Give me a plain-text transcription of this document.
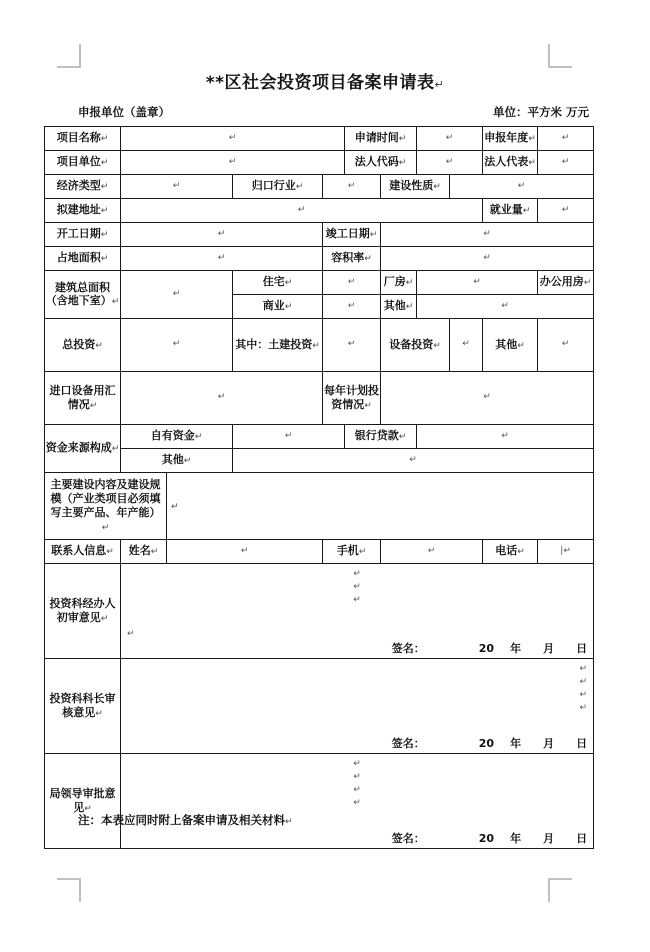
**区社会投资项目备案申请表↵
申报单位（盖章）	单位：平方米 万元
项目名称↵	↵				申请时间↵		↵		申报年度↵	↵

项目单位↵	↵				法人代码↵		↵		法人代表↵	↵

经济类型↵	↵		归口行业↵	↵		建设性质↵		↵		

拟建地址↵	↵								就业量↵	↵

开工日期↵	↵			竣工日期↵		↵				

占地面积↵	↵			容积率↵		↵				

建筑总面积（含地下室）↵	↵		住宅↵	↵		厂房↵	↵			办公用房↵
			商业↵	↵		其他↵	↵			

总投资↵	↵		其中：土建投资↵	↵		设备投资↵		↵	其他↵	↵

进口设备用汇情况↵	↵			每年计划投资情况↵		↵				

资金来源构成↵	自有资金↵		↵		银行贷款↵		↵			

	其他↵		↵							

主要建设内容及建设规模（产业类项目必须填写主要产品、年产能）↵		↵								
联系人信息↵	姓名↵	↵		手机↵		↵			电话↵	|↵

投资科经办人初审意见↵	↵
↵
↵
↵
签名： 20 年 月 日									

投资科科长审核意见↵	↵
↵
↵
↵
签名： 20 年 月 日									

局领导审批意见↵	↵
↵
↵
↵
签名： 20 年 月 日									
注：本表应同时附上备案申请及相关材料↵
